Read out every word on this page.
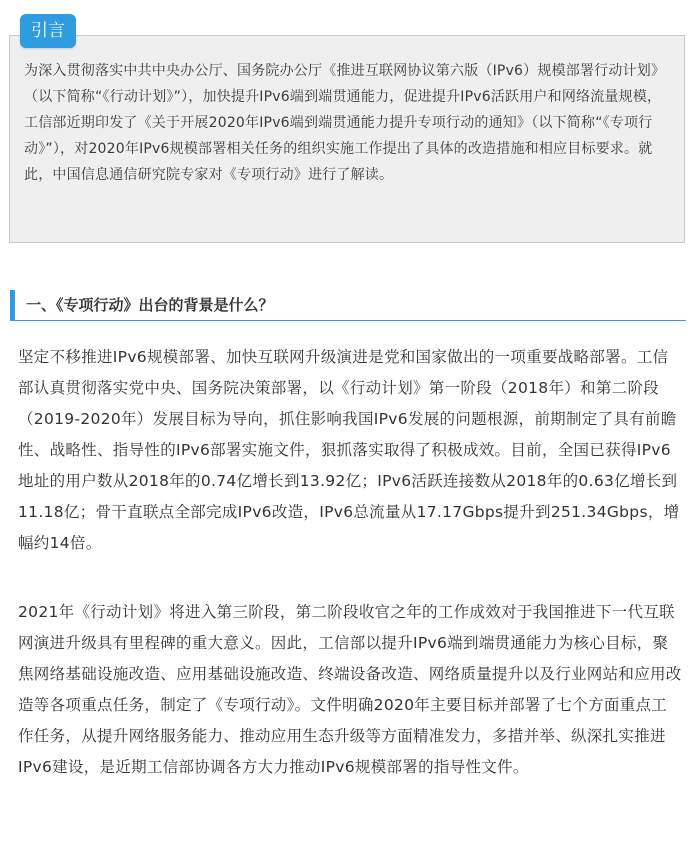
为深入贯彻落实中共中央办公厅、国务院办公厅《推进互联网协议第六版（IPv6）规模部署行动计划》（以下简称“《行动计划》”），加快提升IPv6端到端贯通能力，促进提升IPv6活跃用户和网络流量规模，工信部近期印发了《关于开展2020年IPv6端到端贯通能力提升专项行动的通知》（以下简称“《专项行动》”），对2020年IPv6规模部署相关任务的组织实施工作提出了具体的改造措施和相应目标要求。就此，中国信息通信研究院专家对《专项行动》进行了解读。

引言
一、《专项行动》出台的背景是什么？

坚定不移推进IPv6规模部署、加快互联网升级演进是党和国家做出的一项重要战略部署。工信部认真贯彻落实党中央、国务院决策部署，以《行动计划》第一阶段（2018年）和第二阶段（2019-2020年）发展目标为导向，抓住影响我国IPv6发展的问题根源，前期制定了具有前瞻性、战略性、指导性的IPv6部署实施文件，狠抓落实取得了积极成效。目前，全国已获得IPv6地址的用户数从2018年的0.74亿增长到13.92亿；IPv6活跃连接数从2018年的0.63亿增长到11.18亿；骨干直联点全部完成IPv6改造，IPv6总流量从17.17Gbps提升到251.34Gbps，增幅约14倍。

2021年《行动计划》将进入第三阶段，第二阶段收官之年的工作成效对于我国推进下一代互联网演进升级具有里程碑的重大意义。因此，工信部以提升IPv6端到端贯通能力为核心目标，聚焦网络基础设施改造、应用基础设施改造、终端设备改造、网络质量提升以及行业网站和应用改造等各项重点任务，制定了《专项行动》。文件明确2020年主要目标并部署了七个方面重点工作任务，从提升网络服务能力、推动应用生态升级等方面精准发力，多措并举、纵深扎实推进IPv6建设，是近期工信部协调各方大力推动IPv6规模部署的指导性文件。
